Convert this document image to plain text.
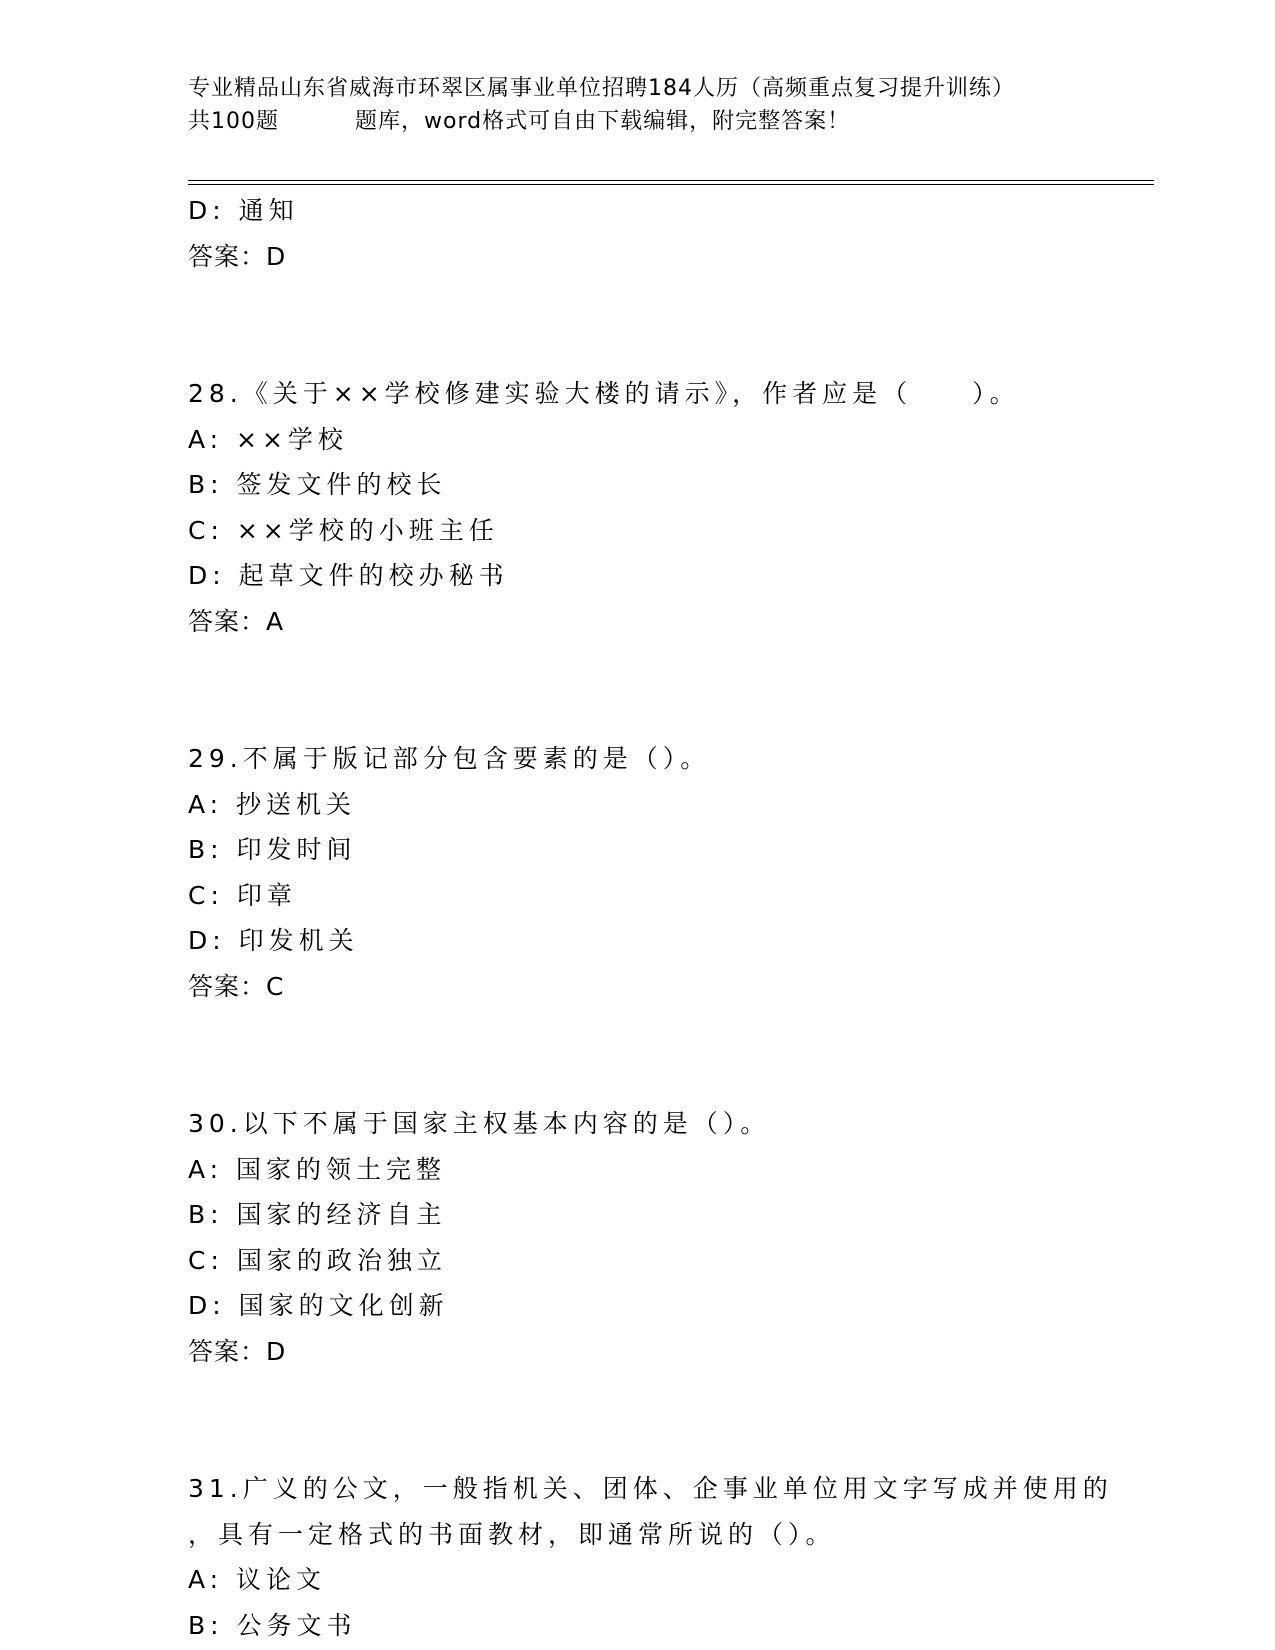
专业精品山东省威海市环翠区属事业单位招聘184人历（高频重点复习提升训练）
共100题	题库，word格式可自由下载编辑，附完整答案！
D: 通知
答案：D
28.《关于××学校修建实验大楼的请示》，作者应是（　　）。
A: ××学校
B: 签发文件的校长
C: ××学校的小班主任
D: 起草文件的校办秘书
答案：A
29.不属于版记部分包含要素的是（）。
A: 抄送机关
B: 印发时间
C: 印章
D: 印发机关
答案：C
30.以下不属于国家主权基本内容的是（）。
A: 国家的领土完整
B: 国家的经济自主
C: 国家的政治独立
D: 国家的文化创新
答案：D
31.广义的公文，一般指机关、团体、企事业单位用文字写成并使用的
，具有一定格式的书面教材，即通常所说的（）。
A: 议论文
B: 公务文书
